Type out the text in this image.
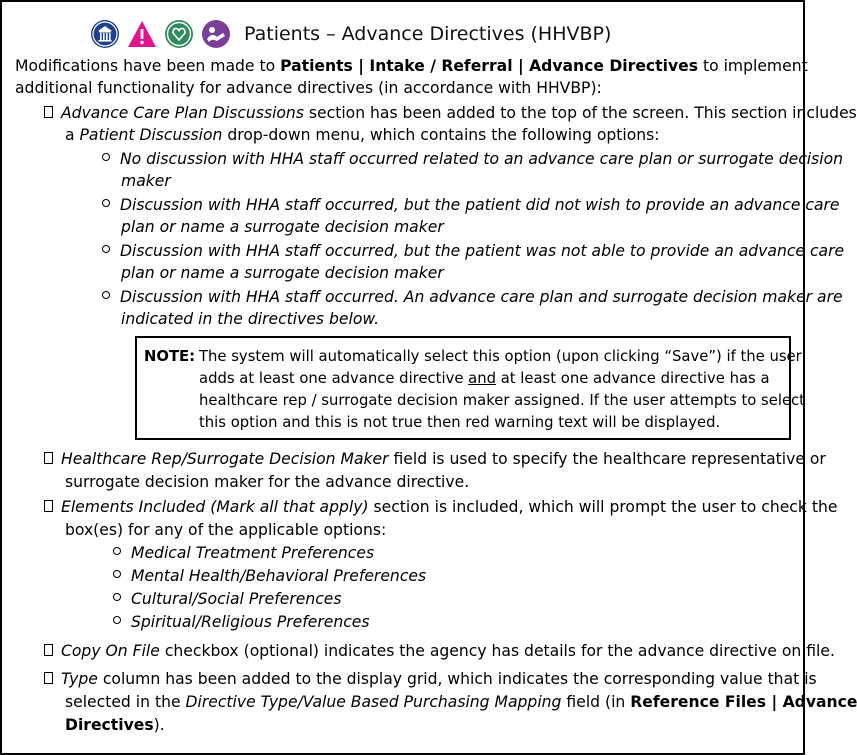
Patients – Advance Directives (HHVBP)
Modifications have been made to Patients | Intake / Referral | Advance Directives to implement
additional functionality for advance directives (in accordance with HHVBP):
Advance Care Plan Discussions section has been added to the top of the screen. This section includes
a Patient Discussion drop-down menu, which contains the following options:
No discussion with HHA staff occurred related to an advance care plan or surrogate decision
maker
Discussion with HHA staff occurred, but the patient did not wish to provide an advance care
plan or name a surrogate decision maker
Discussion with HHA staff occurred, but the patient was not able to provide an advance care
plan or name a surrogate decision maker
Discussion with HHA staff occurred. An advance care plan and surrogate decision maker are
indicated in the directives below.
NOTE: The system will automatically select this option (upon clicking “Save”) if the user
adds at least one advance directive and at least one advance directive has a
healthcare rep / surrogate decision maker assigned. If the user attempts to select
this option and this is not true then red warning text will be displayed.
Healthcare Rep/Surrogate Decision Maker field is used to specify the healthcare representative or
surrogate decision maker for the advance directive.
Elements Included (Mark all that apply) section is included, which will prompt the user to check the
box(es) for any of the applicable options:
Medical Treatment Preferences
Mental Health/Behavioral Preferences
Cultural/Social Preferences
Spiritual/Religious Preferences
Copy On File checkbox (optional) indicates the agency has details for the advance directive on file.
Type column has been added to the display grid, which indicates the corresponding value that is
selected in the Directive Type/Value Based Purchasing Mapping field (in Reference Files | Advance
Directives).
